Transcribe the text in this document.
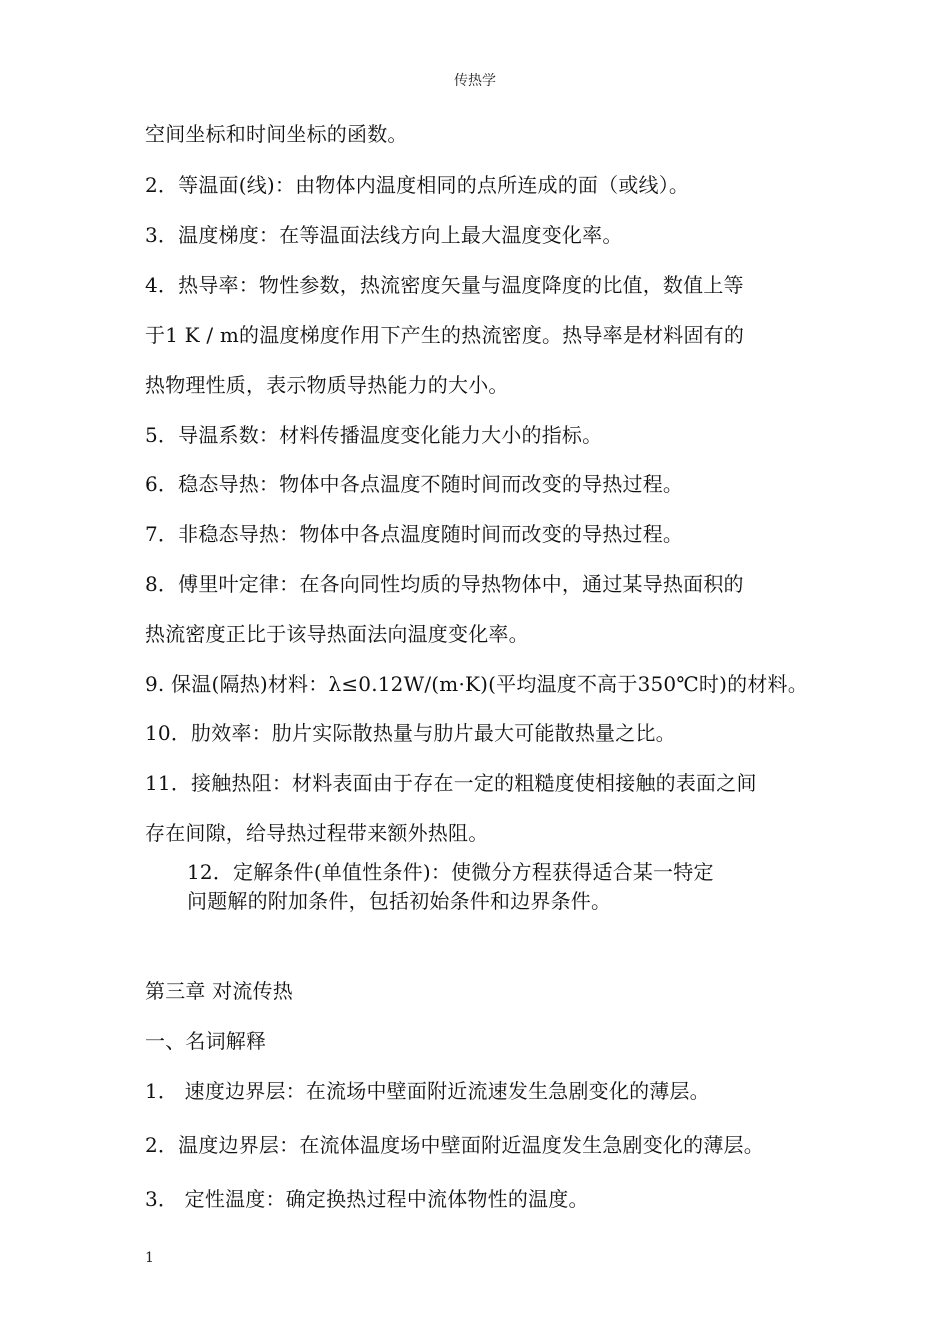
传热学
空间坐标和时间坐标的函数。
2．等温面(线)：由物体内温度相同的点所连成的面（或线）。
3．温度梯度：在等温面法线方向上最大温度变化率。
4．热导率：物性参数，热流密度矢量与温度降度的比值，数值上等
于1 K / m的温度梯度作用下产生的热流密度。热导率是材料固有的
热物理性质，表示物质导热能力的大小。
5．导温系数：材料传播温度变化能力大小的指标。
6．稳态导热：物体中各点温度不随时间而改变的导热过程。
7．非稳态导热：物体中各点温度随时间而改变的导热过程。
8．傅里叶定律：在各向同性均质的导热物体中，通过某导热面积的
热流密度正比于该导热面法向温度变化率。
9. 保温(隔热)材料：λ≤0.12W/(m·K)(平均温度不高于350℃时)的材料。
10．肋效率：肋片实际散热量与肋片最大可能散热量之比。
11．接触热阻：材料表面由于存在一定的粗糙度使相接触的表面之间
存在间隙，给导热过程带来额外热阻。
12．定解条件(单值性条件)：使微分方程获得适合某一特定
问题解的附加条件，包括初始条件和边界条件。
第三章 对流传热
一、名词解释
1． 速度边界层：在流场中壁面附近流速发生急剧变化的薄层。
2．温度边界层：在流体温度场中壁面附近温度发生急剧变化的薄层。
3． 定性温度：确定换热过程中流体物性的温度。
1
